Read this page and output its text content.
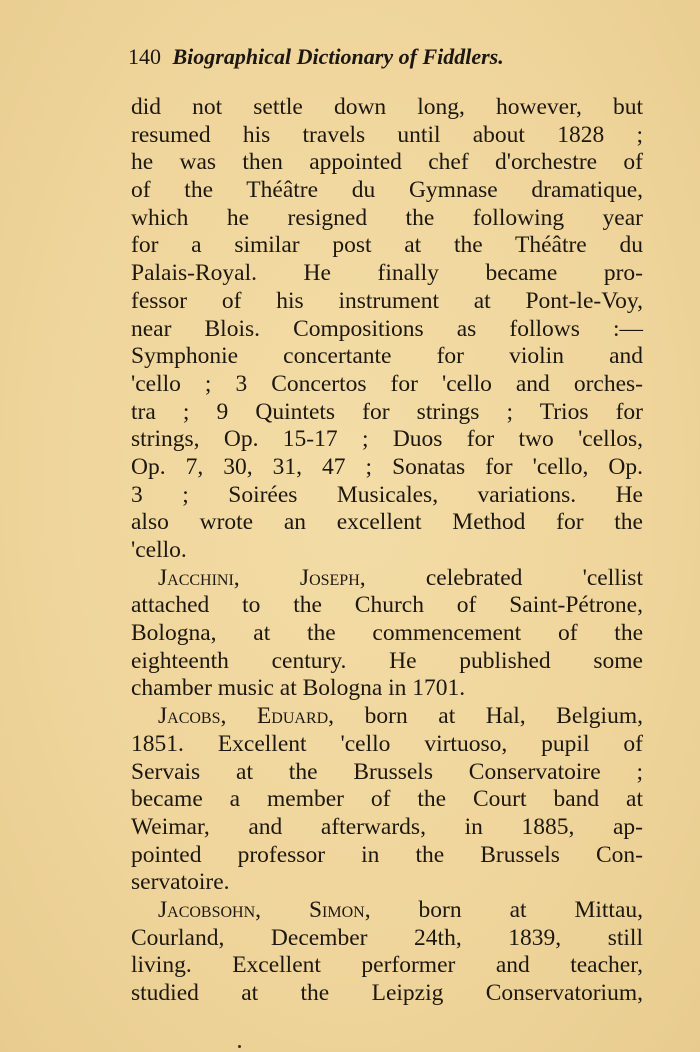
140 Biographical Dictionary of Fiddlers.
did not settle down long, however, but
resumed his travels until about 1828 ;
he was then appointed chef d'orchestre of
of the Théâtre du Gymnase dramatique,
which he resigned the following year
for a similar post at the Théâtre du
Palais-Royal. He finally became pro-
fessor of his instrument at Pont-le-Voy,
near Blois. Compositions as follows :—
Symphonie concertante for violin and
'cello ; 3 Concertos for 'cello and orches-
tra ; 9 Quintets for strings ; Trios for
strings, Op. 15-17 ; Duos for two 'cellos,
Op. 7, 30, 31, 47 ; Sonatas for 'cello, Op.
3 ; Soirées Musicales, variations. He
also wrote an excellent Method for the
'cello.
Jacchini, Joseph,	celebrated 'cellist
attached to the Church of Saint-Pétrone,
Bologna, at the commencement of the
eighteenth century. He published some
chamber music at Bologna in 1701.
Jacobs, Eduard, born at Hal, Belgium,
1851. Excellent 'cello virtuoso, pupil of
Servais at the Brussels Conservatoire ;
became a member of the Court band at
Weimar, and afterwards, in 1885, ap-
pointed professor in the Brussels Con-
servatoire.
Jacobsohn, Simon, born at Mittau,
Courland, December 24th, 1839, still
living. Excellent performer and teacher,
studied at the Leipzig Conservatorium,
